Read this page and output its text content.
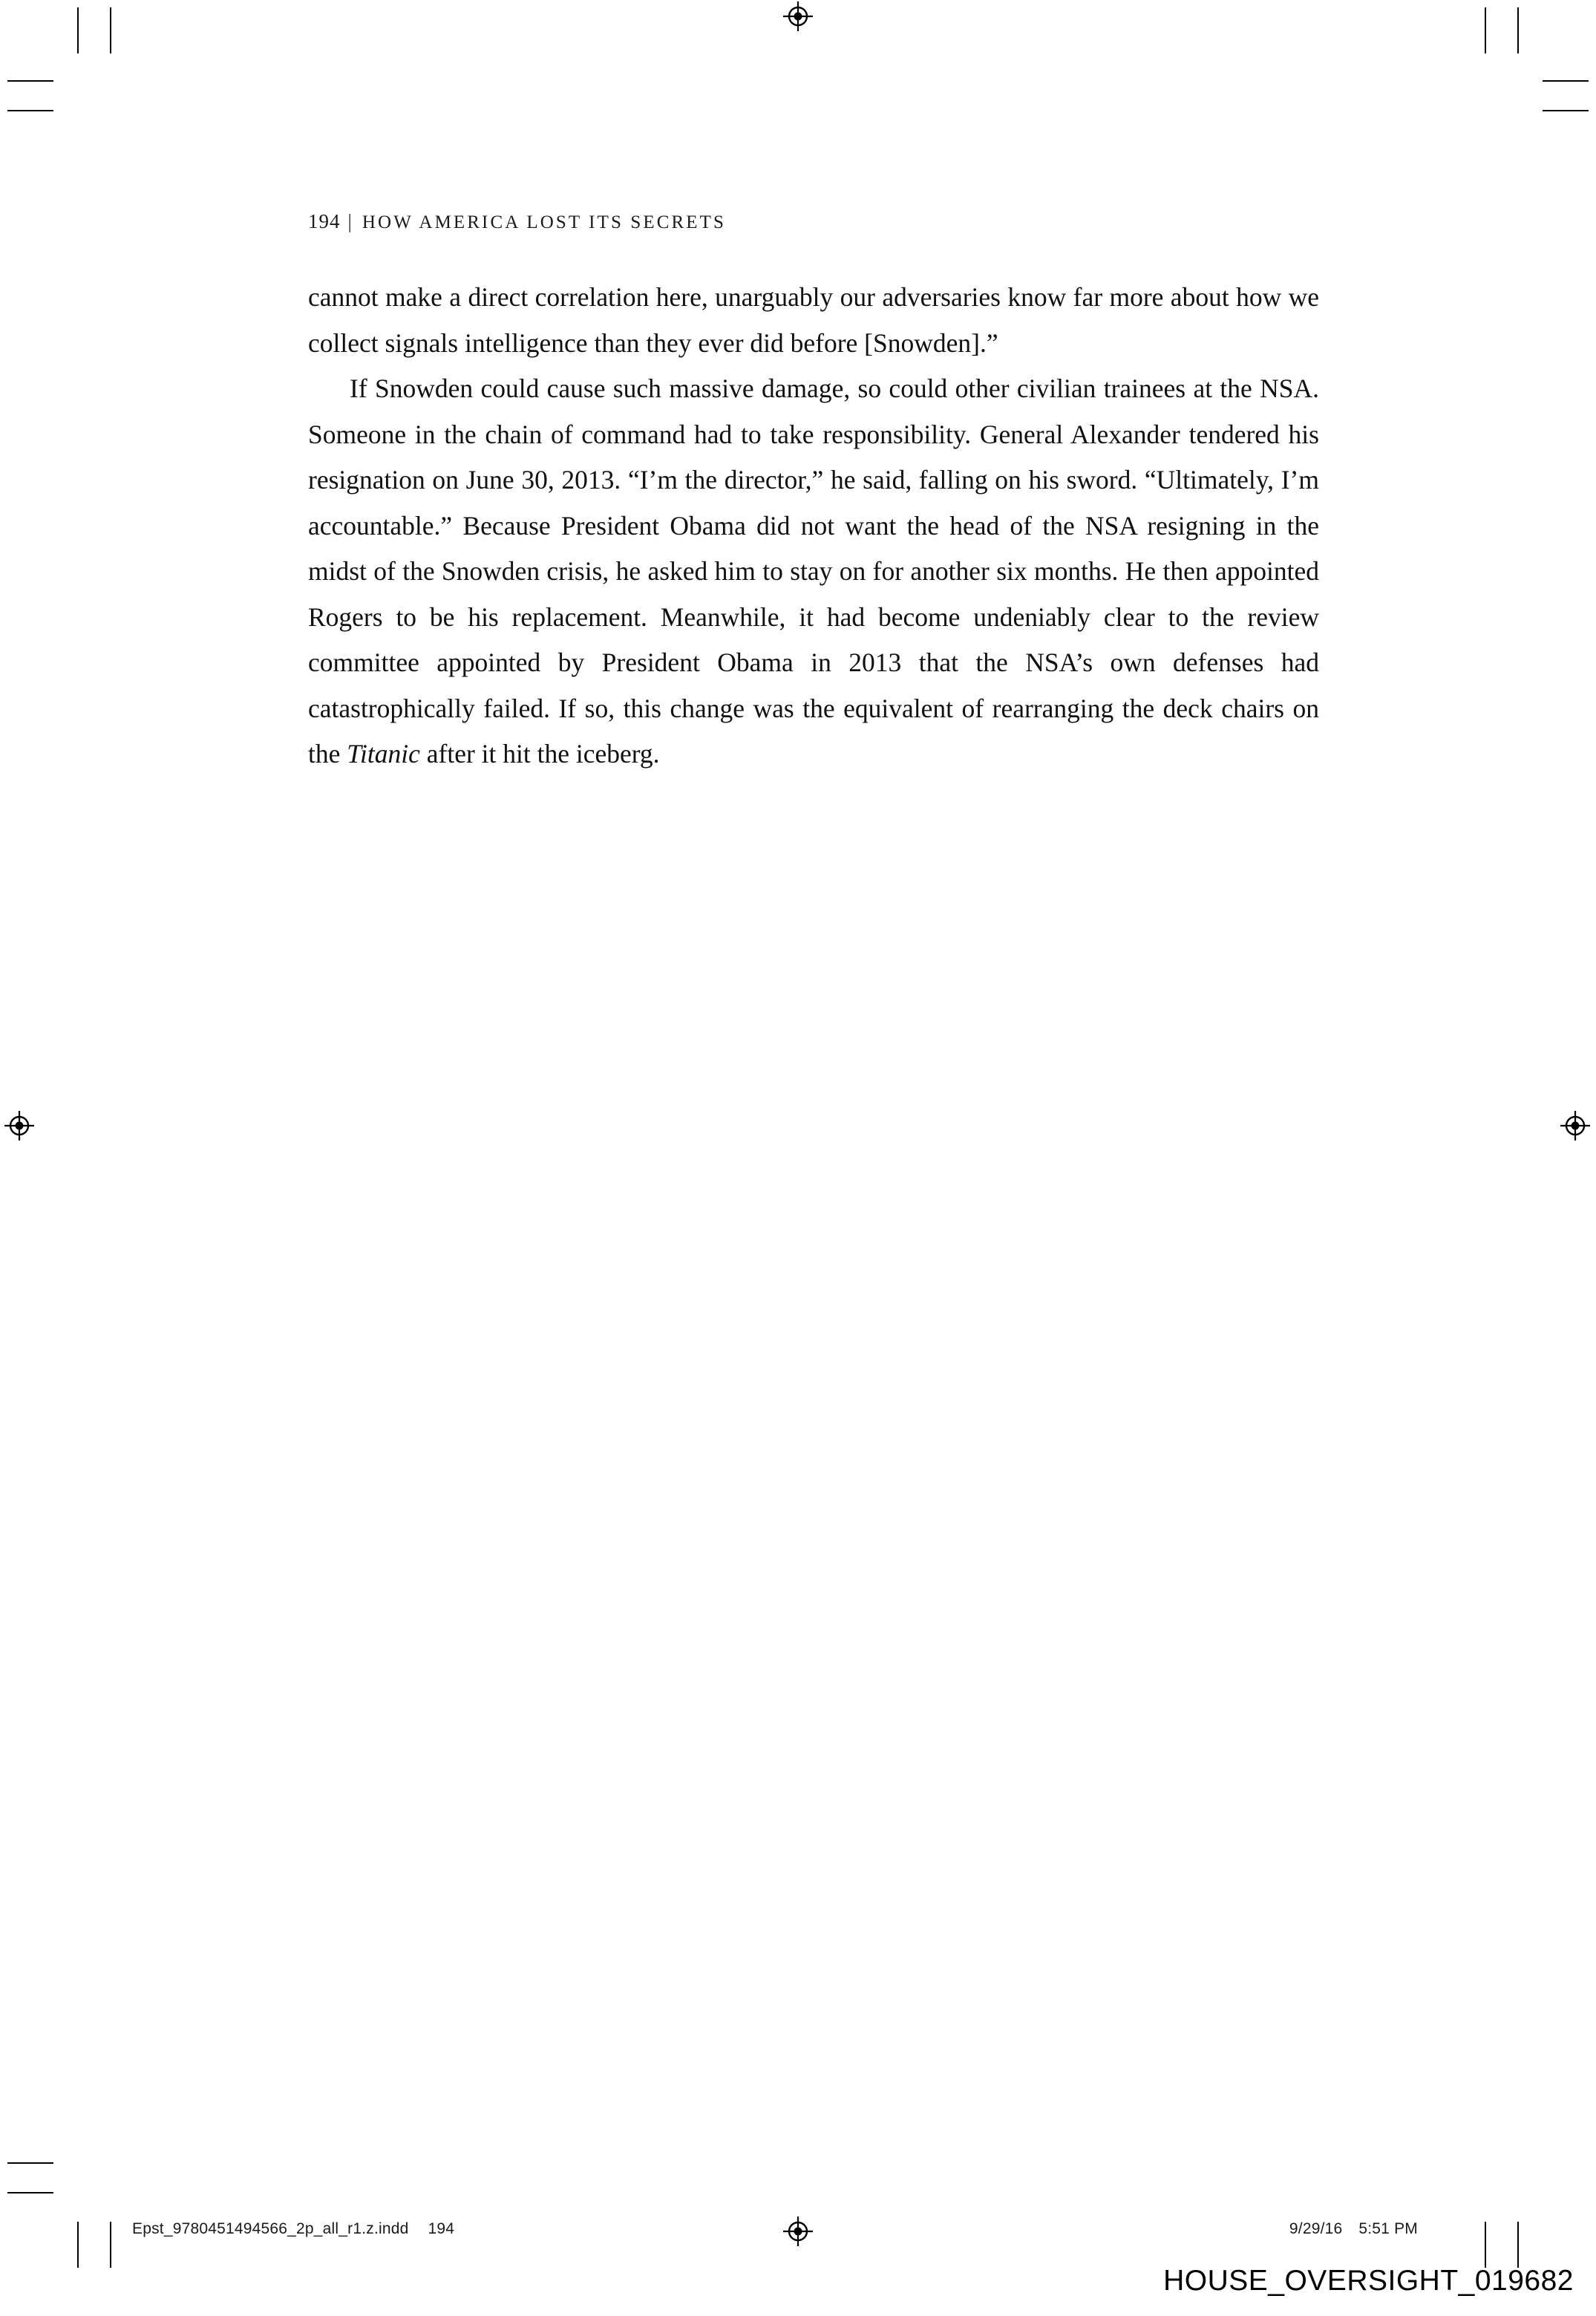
194 | HOW AMERICA LOST ITS SECRETS

cannot make a direct correlation here, unarguably our adversaries know far more about how we collect signals intelligence than they ever did before [Snowden].”

If Snowden could cause such massive damage, so could other civilian trainees at the NSA. Someone in the chain of command had to take responsibility. General Alexander tendered his resignation on June 30, 2013. “I’m the director,” he said, falling on his sword. “Ultimately, I’m accountable.” Because President Obama did not want the head of the NSA resigning in the midst of the Snowden crisis, he asked him to stay on for another six months. He then appointed Rogers to be his replacement. Meanwhile, it had become undeniably clear to the review committee appointed by President Obama in 2013 that the NSA’s own defenses had catastrophically failed. If so, this change was the equivalent of rearranging the deck chairs on the Titanic after it hit the iceberg.

Epst_9780451494566_2p_all_r1.z.indd 194	9/29/16 5:51 PM
HOUSE_OVERSIGHT_019682
